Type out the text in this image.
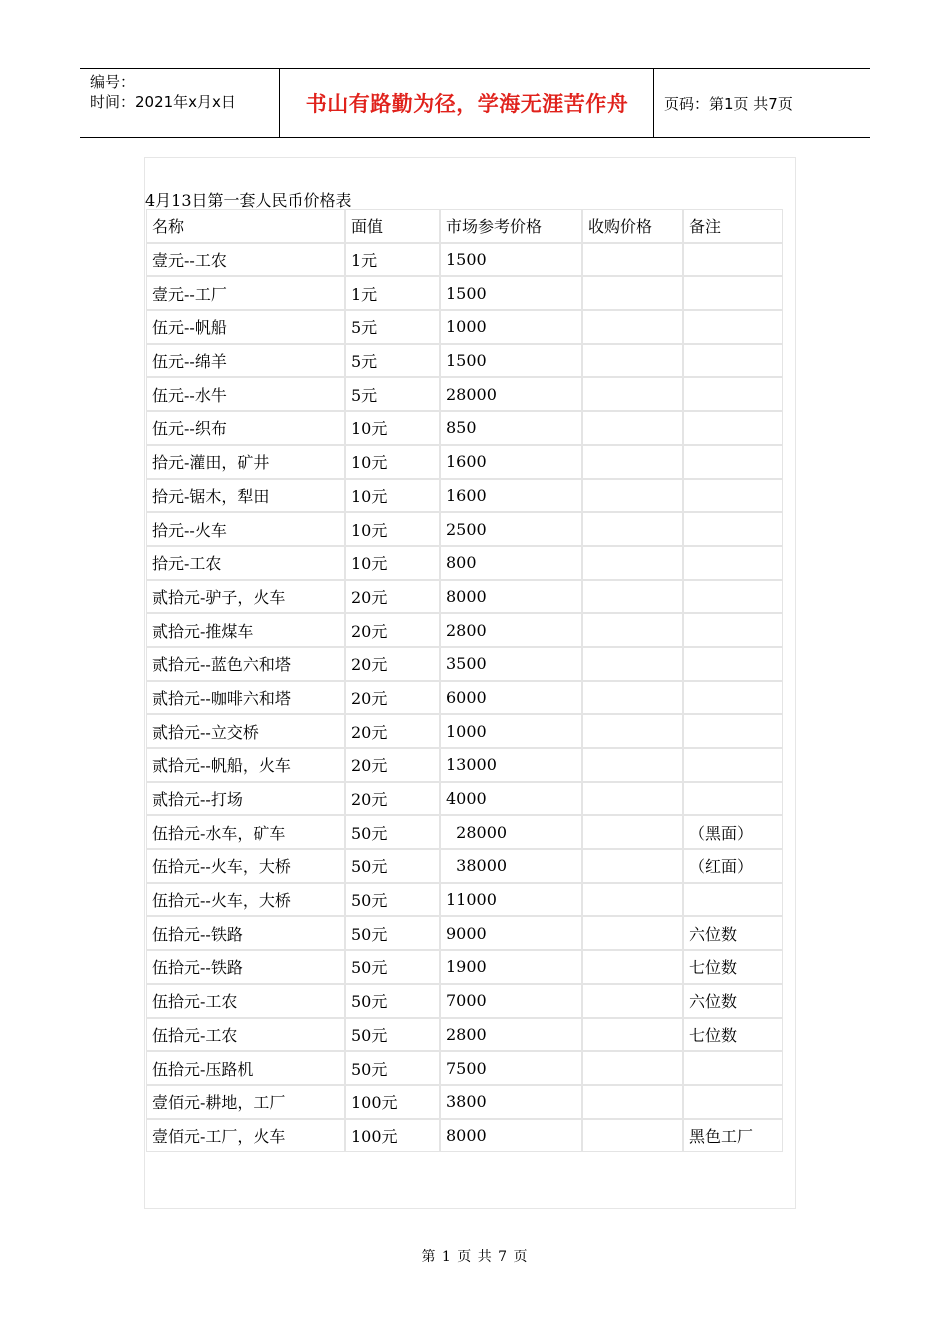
编号：
时间：2021年x月x日	书山有路勤为径，学海无涯苦作舟 页码：第1页 共7页
4月13日第一套人民币价格表
名称	面值	市场参考价格	收购价格	备注
壹元--工农	1元	1500		
壹元--工厂	1元	1500		
伍元--帆船	5元	1000		
伍元--绵羊	5元	1500		
伍元--水牛	5元	28000		
伍元--织布	10元	850		
拾元-灌田，矿井	10元	1600		
拾元-锯木，犁田	10元	1600		
拾元--火车	10元	2500		
拾元-工农	10元	800		
贰拾元-驴子，火车	20元	8000		
贰拾元-推煤车	20元	2800		
贰拾元--蓝色六和塔	20元	3500		
贰拾元--咖啡六和塔	20元	6000		
贰拾元--立交桥	20元	1000		
贰拾元--帆船，火车	20元	13000		
贰拾元--打场	20元	4000		
伍拾元-水车，矿车	50元	28000		（黑面）
伍拾元--火车，大桥	50元	38000		（红面）
伍拾元--火车，大桥	50元	11000		
伍拾元--铁路	50元	9000		六位数
伍拾元--铁路	50元	1900		七位数
伍拾元-工农	50元	7000		六位数
伍拾元-工农	50元	2800		七位数
伍拾元-压路机	50元	7500		
壹佰元-耕地，工厂	100元	3800		
壹佰元-工厂，火车	100元	8000		黑色工厂
第 1 页 共 7 页
